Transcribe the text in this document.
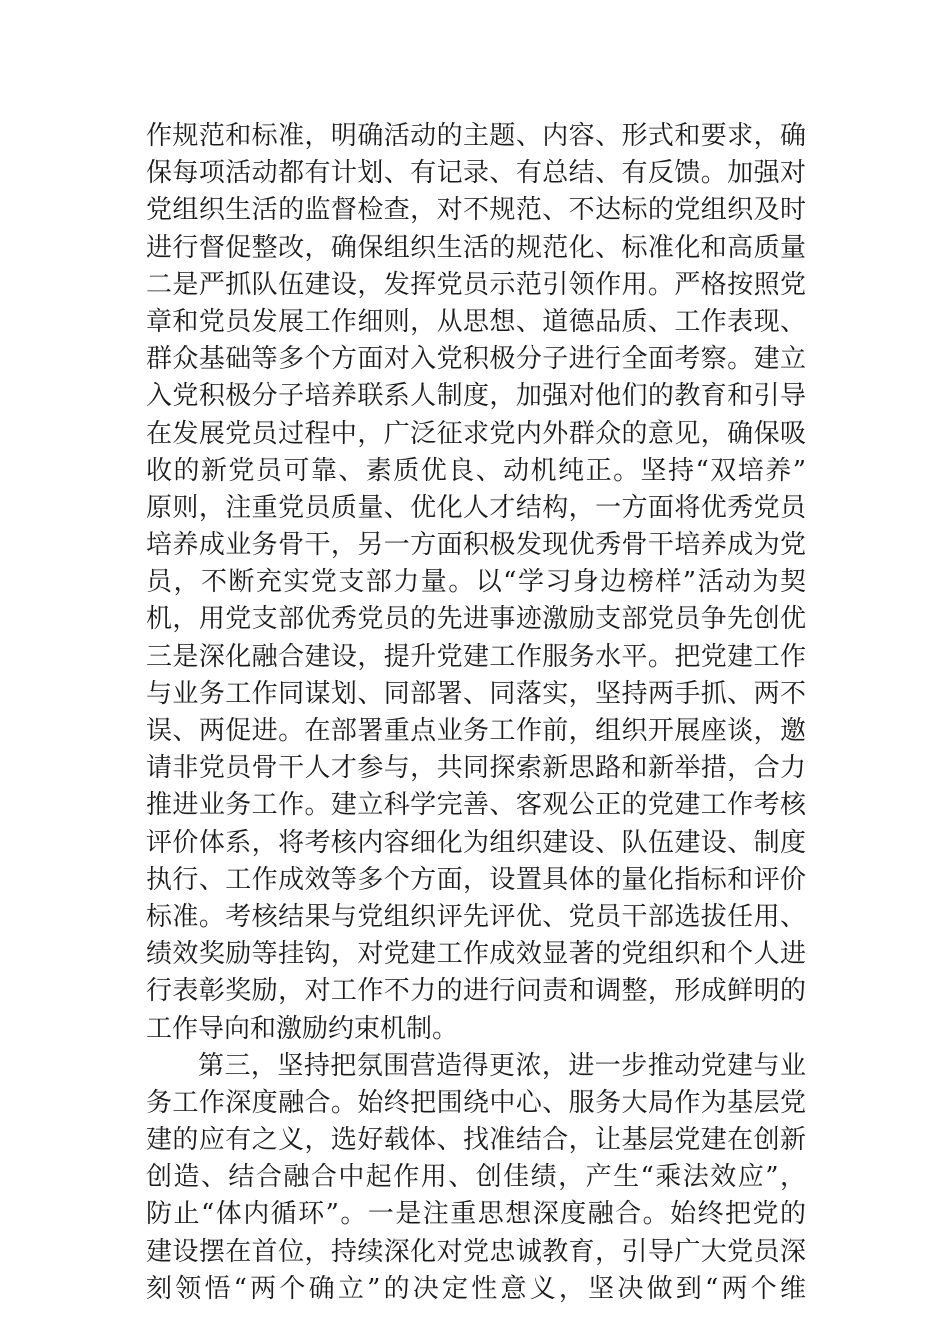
作规范和标准，明确活动的主题、内容、形式和要求，确
保每项活动都有计划、有记录、有总结、有反馈。加强对
党组织生活的监督检查，对不规范、不达标的党组织及时
进行督促整改，确保组织生活的规范化、标准化和高质量
二是严抓队伍建设，发挥党员示范引领作用。严格按照党
章和党员发展工作细则，从思想、道德品质、工作表现、
群众基础等多个方面对入党积极分子进行全面考察。建立
入党积极分子培养联系人制度，加强对他们的教育和引导
在发展党员过程中，广泛征求党内外群众的意见，确保吸
收的新党员可靠、素质优良、动机纯正。坚持“双培养”
原则，注重党员质量、优化人才结构，一方面将优秀党员
培养成业务骨干，另一方面积极发现优秀骨干培养成为党
员，不断充实党支部力量。以“学习身边榜样”活动为契
机，用党支部优秀党员的先进事迹激励支部党员争先创优
三是深化融合建设，提升党建工作服务水平。把党建工作
与业务工作同谋划、同部署、同落实，坚持两手抓、两不
误、两促进。在部署重点业务工作前，组织开展座谈，邀
请非党员骨干人才参与，共同探索新思路和新举措，合力
推进业务工作。建立科学完善、客观公正的党建工作考核
评价体系，将考核内容细化为组织建设、队伍建设、制度
执行、工作成效等多个方面，设置具体的量化指标和评价
标准。考核结果与党组织评先评优、党员干部选拔任用、
绩效奖励等挂钩，对党建工作成效显著的党组织和个人进
行表彰奖励，对工作不力的进行问责和调整，形成鲜明的
工作导向和激励约束机制。
第三，坚持把氛围营造得更浓，进一步推动党建与业
务工作深度融合。始终把围绕中心、服务大局作为基层党
建的应有之义，选好载体、找准结合，让基层党建在创新
创造、结合融合中起作用、创佳绩，产生“乘法效应”，
防止“体内循环”。一是注重思想深度融合。始终把党的
建设摆在首位，持续深化对党忠诚教育，引导广大党员深
刻领悟“两个确立”的决定性意义，坚决做到“两个维
